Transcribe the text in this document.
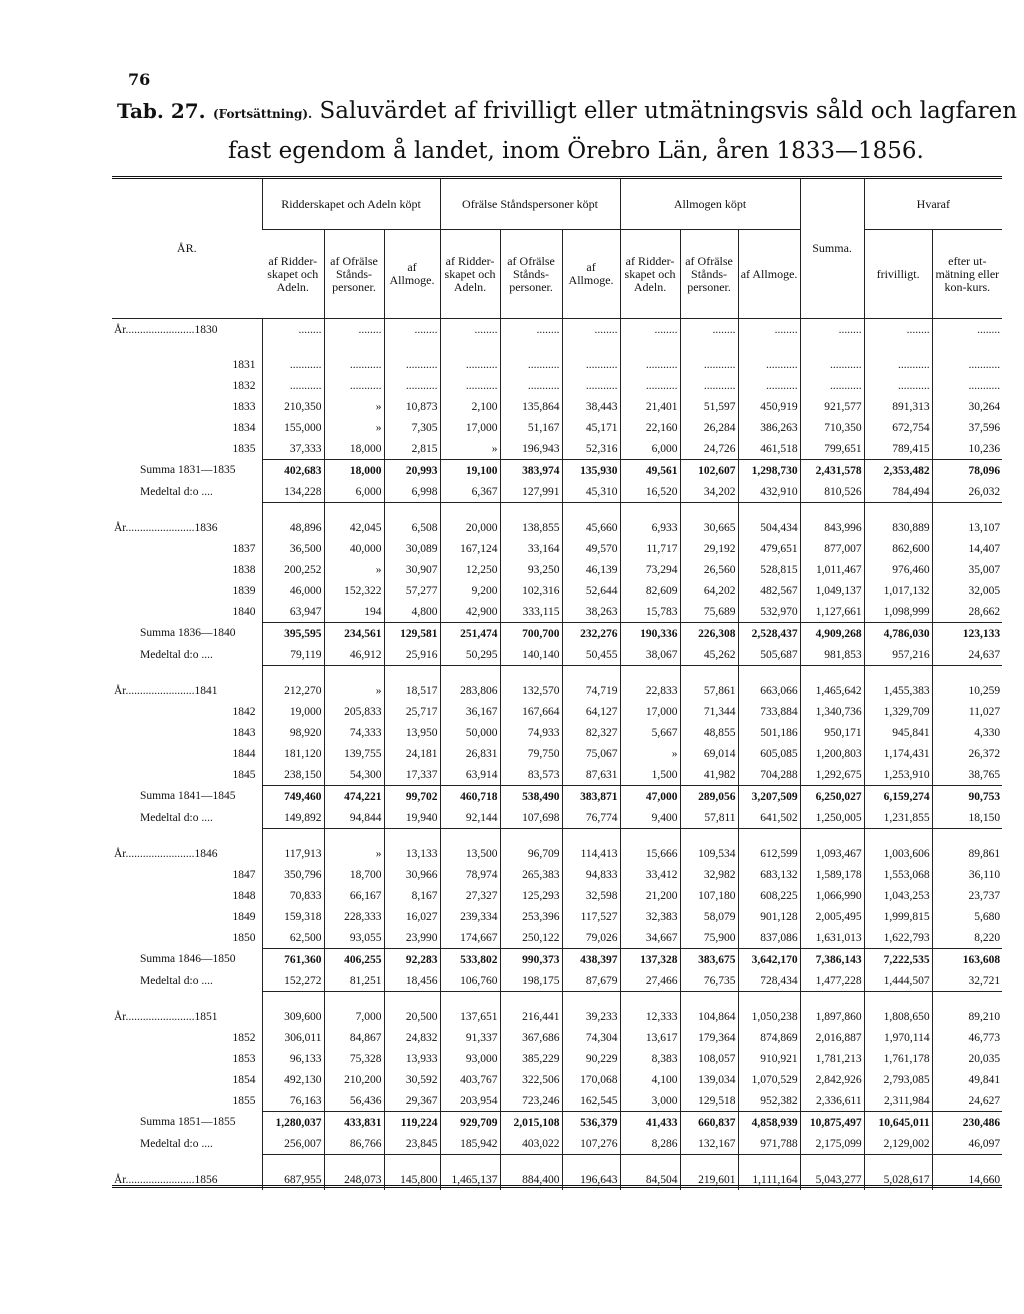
76
Tab. 27. (Fortsättning). Saluvärdet af frivilligt eller utmätningsvis såld och lagfaren
fast egendom å landet, inom Örebro Län, åren 1833—1856.
ÅR.	Ridderskapet och Adeln köpt			Ofrälse Ståndspersoner köpt			Allmogen köpt			Summa.	Hvaraf	
	af Ridder-skapet och Adeln.	af Ofrälse Stånds-personer.	af Allmoge.	af Ridder-skapet och Adeln.	af Ofrälse Stånds-personer.	af Allmoge.	af Ridder-skapet och Adeln.	af Ofrälse Stånds-personer.	af Allmoge.		frivilligt.	efter ut-mätning eller kon-kurs.
År........................1830	........	........	........	........	........	........	........	........	........	........	........	........

1831	...........	...........	...........	...........	...........	...........	...........	...........	...........	...........	...........	...........
1832	...........	...........	...........	...........	...........	...........	...........	...........	...........	...........	...........	...........
1833	210,350	»	10,873	2,100	135,864	38,443	21,401	51,597	450,919	921,577	891,313	30,264
1834	155,000	»	7,305	17,000	51,167	45,171	22,160	26,284	386,263	710,350	672,754	37,596
1835	37,333	18,000	2,815	»	196,943	52,316	6,000	24,726	461,518	799,651	789,415	10,236
Summa 1831—1835	402,683	18,000	20,993	19,100	383,974	135,930	49,561	102,607	1,298,730	2,431,578	2,353,482	78,096
Medeltal d:o ....	134,228	6,000	6,998	6,367	127,991	45,310	16,520	34,202	432,910	810,526	784,494	26,032

År........................1836	48,896	42,045	6,508	20,000	138,855	45,660	6,933	30,665	504,434	843,996	830,889	13,107
1837	36,500	40,000	30,089	167,124	33,164	49,570	11,717	29,192	479,651	877,007	862,600	14,407
1838	200,252	»	30,907	12,250	93,250	46,139	73,294	26,560	528,815	1,011,467	976,460	35,007
1839	46,000	152,322	57,277	9,200	102,316	52,644	82,609	64,202	482,567	1,049,137	1,017,132	32,005
1840	63,947	194	4,800	42,900	333,115	38,263	15,783	75,689	532,970	1,127,661	1,098,999	28,662
Summa 1836—1840	395,595	234,561	129,581	251,474	700,700	232,276	190,336	226,308	2,528,437	4,909,268	4,786,030	123,133
Medeltal d:o ....	79,119	46,912	25,916	50,295	140,140	50,455	38,067	45,262	505,687	981,853	957,216	24,637

År........................1841	212,270	»	18,517	283,806	132,570	74,719	22,833	57,861	663,066	1,465,642	1,455,383	10,259
1842	19,000	205,833	25,717	36,167	167,664	64,127	17,000	71,344	733,884	1,340,736	1,329,709	11,027
1843	98,920	74,333	13,950	50,000	74,933	82,327	5,667	48,855	501,186	950,171	945,841	4,330
1844	181,120	139,755	24,181	26,831	79,750	75,067	»	69,014	605,085	1,200,803	1,174,431	26,372
1845	238,150	54,300	17,337	63,914	83,573	87,631	1,500	41,982	704,288	1,292,675	1,253,910	38,765
Summa 1841—1845	749,460	474,221	99,702	460,718	538,490	383,871	47,000	289,056	3,207,509	6,250,027	6,159,274	90,753
Medeltal d:o ....	149,892	94,844	19,940	92,144	107,698	76,774	9,400	57,811	641,502	1,250,005	1,231,855	18,150

År........................1846	117,913	»	13,133	13,500	96,709	114,413	15,666	109,534	612,599	1,093,467	1,003,606	89,861
1847	350,796	18,700	30,966	78,974	265,383	94,833	33,412	32,982	683,132	1,589,178	1,553,068	36,110
1848	70,833	66,167	8,167	27,327	125,293	32,598	21,200	107,180	608,225	1,066,990	1,043,253	23,737
1849	159,318	228,333	16,027	239,334	253,396	117,527	32,383	58,079	901,128	2,005,495	1,999,815	5,680
1850	62,500	93,055	23,990	174,667	250,122	79,026	34,667	75,900	837,086	1,631,013	1,622,793	8,220
Summa 1846—1850	761,360	406,255	92,283	533,802	990,373	438,397	137,328	383,675	3,642,170	7,386,143	7,222,535	163,608
Medeltal d:o ....	152,272	81,251	18,456	106,760	198,175	87,679	27,466	76,735	728,434	1,477,228	1,444,507	32,721

År........................1851	309,600	7,000	20,500	137,651	216,441	39,233	12,333	104,864	1,050,238	1,897,860	1,808,650	89,210
1852	306,011	84,867	24,832	91,337	367,686	74,304	13,617	179,364	874,869	2,016,887	1,970,114	46,773
1853	96,133	75,328	13,933	93,000	385,229	90,229	8,383	108,057	910,921	1,781,213	1,761,178	20,035
1854	492,130	210,200	30,592	403,767	322,506	170,068	4,100	139,034	1,070,529	2,842,926	2,793,085	49,841
1855	76,163	56,436	29,367	203,954	723,246	162,545	3,000	129,518	952,382	2,336,611	2,311,984	24,627
Summa 1851—1855	1,280,037	433,831	119,224	929,709	2,015,108	536,379	41,433	660,837	4,858,939	10,875,497	10,645,011	230,486
Medeltal d:o ....	256,007	86,766	23,845	185,942	403,022	107,276	8,286	132,167	971,788	2,175,099	2,129,002	46,097

År........................1856	687,955	248,073	145,800	1,465,137	884,400	196,643	84,504	219,601	1,111,164	5,043,277	5,028,617	14,660
